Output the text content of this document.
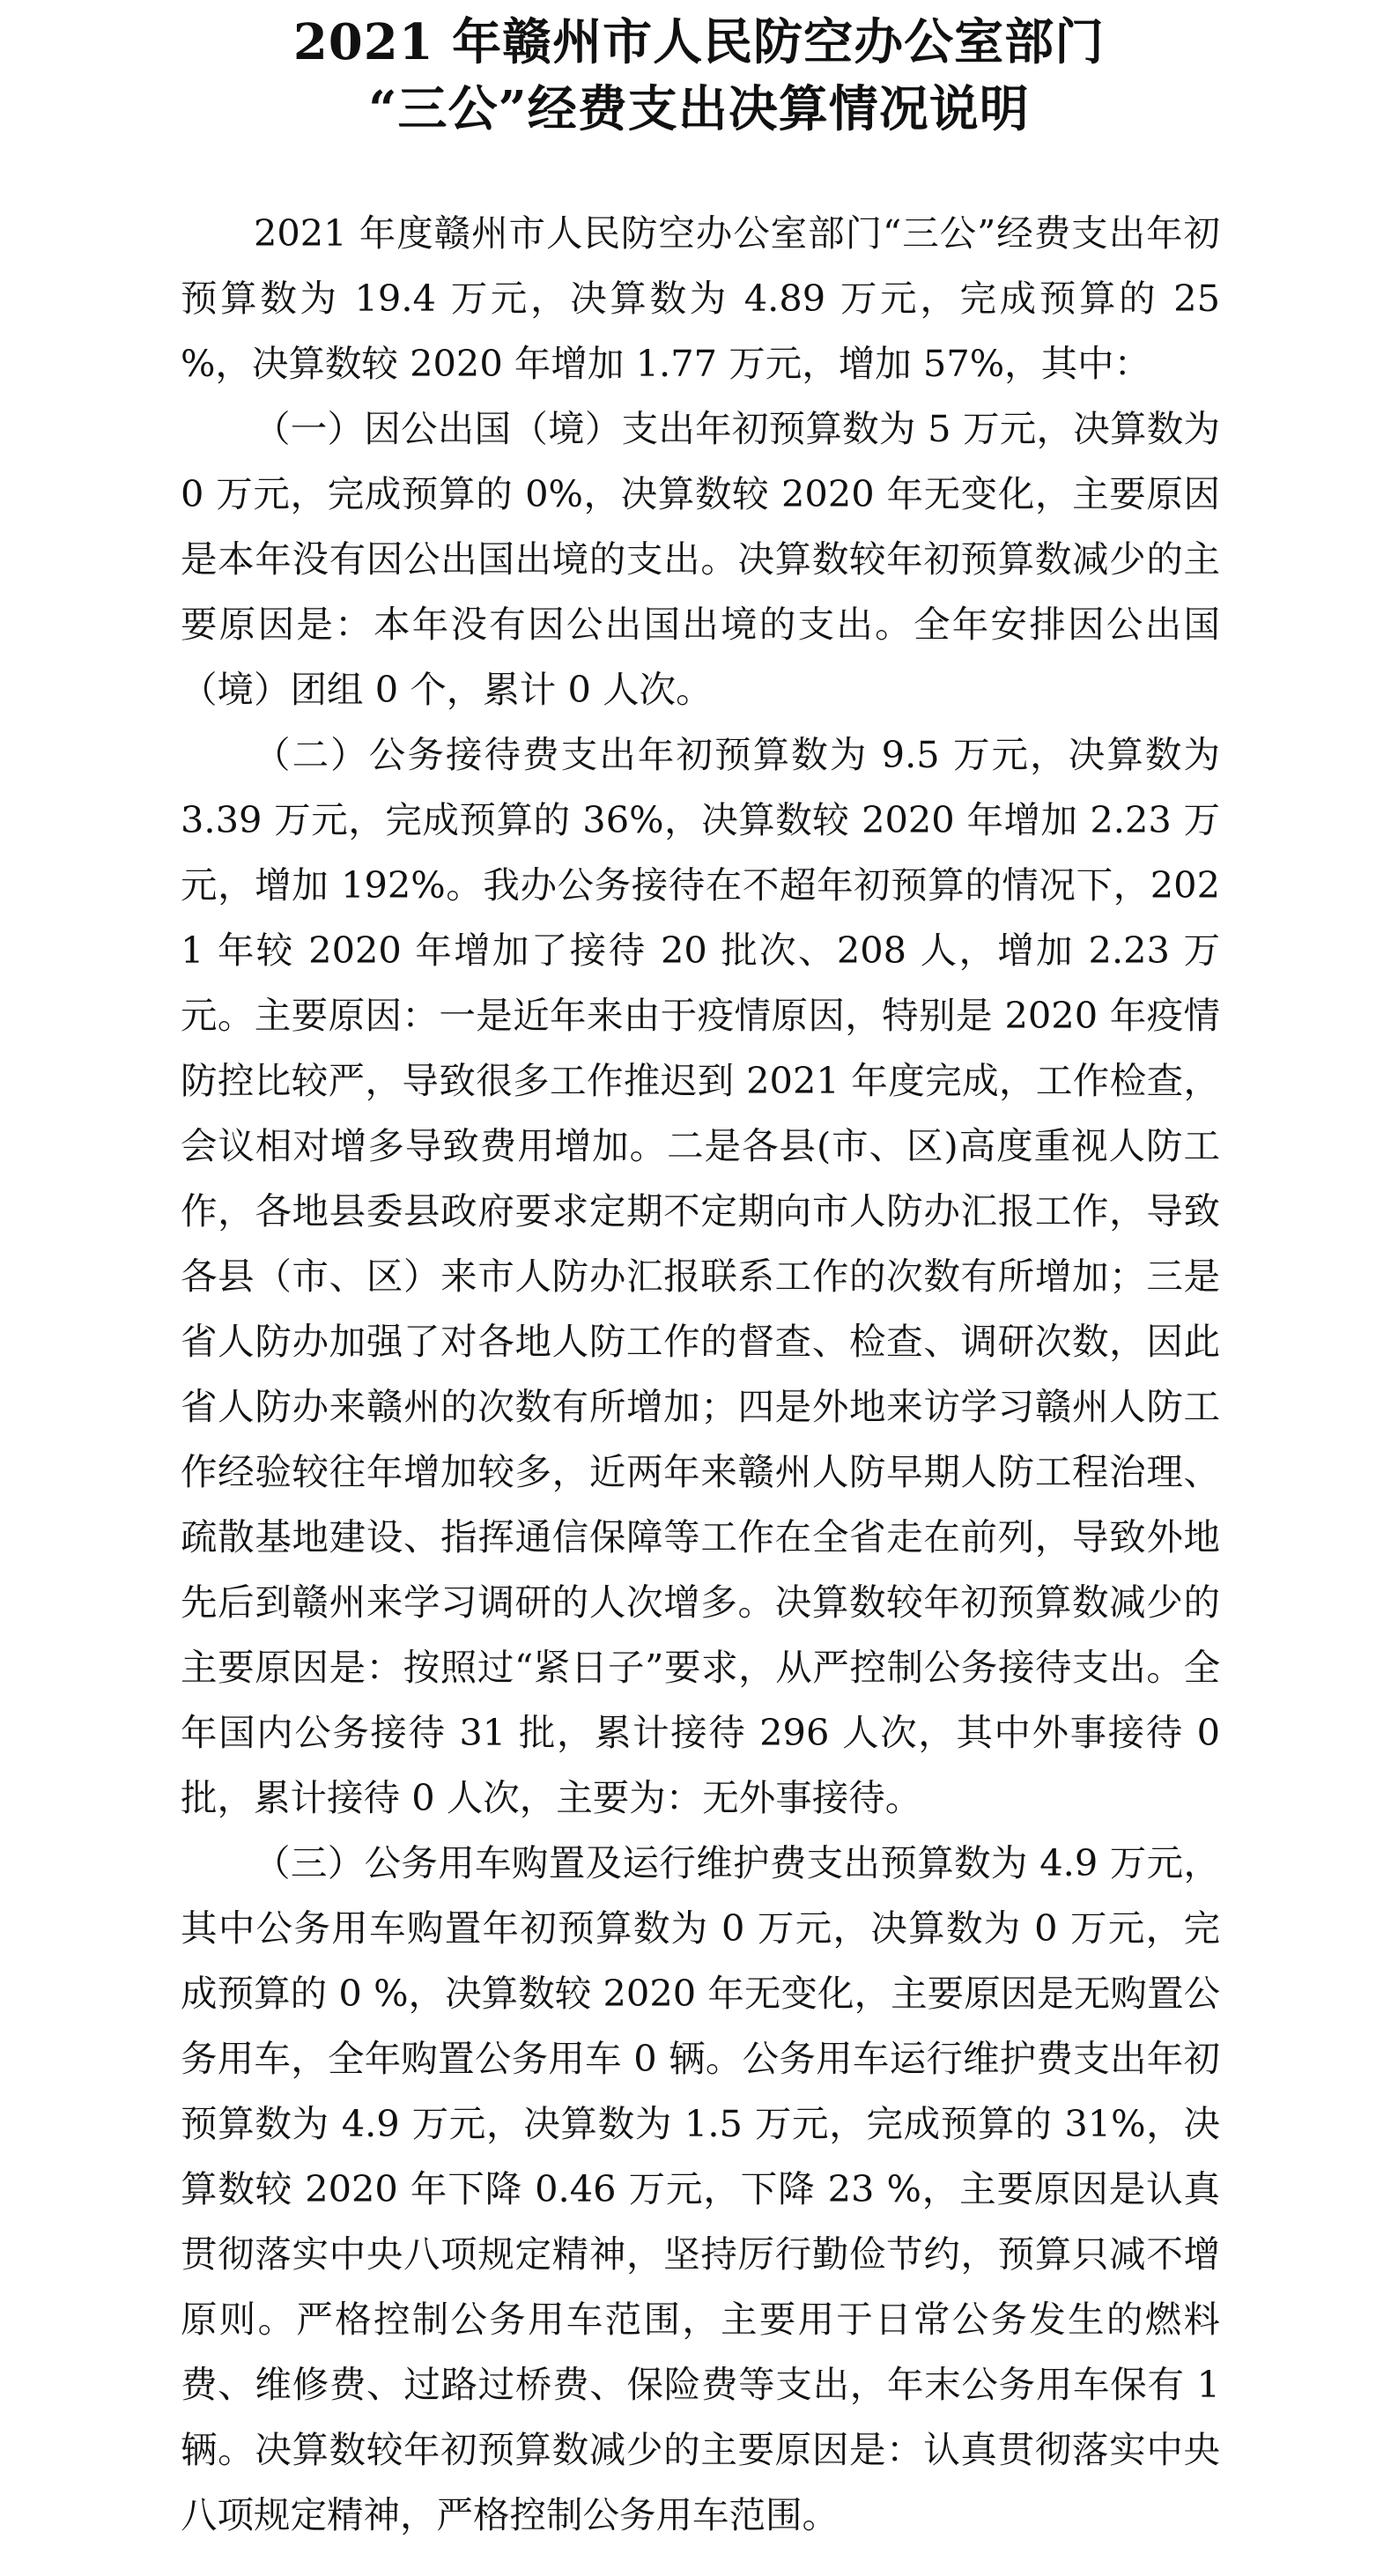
2021 年赣州市人民防空办公室部门
“三公”经费支出决算情况说明

2021 年度赣州市人民防空办公室部门“三公”经费支出年初预算数为 19.4 万元，决算数为 4.89 万元，完成预算的 25 %，决算数较 2020 年增加 1.77 万元，增加 57%，其中：

（一）因公出国（境）支出年初预算数为 5 万元，决算数为 0 万元，完成预算的 0%，决算数较 2020 年无变化，主要原因是本年没有因公出国出境的支出。决算数较年初预算数减少的主要原因是：本年没有因公出国出境的支出。全年安排因公出国（境）团组 0 个，累计 0 人次。

（二）公务接待费支出年初预算数为 9.5 万元，决算数为 3.39 万元，完成预算的 36%，决算数较 2020 年增加 2.23 万元，增加 192%。我办公务接待在不超年初预算的情况下，2021 年较 2020 年增加了接待 20 批次、208 人，增加 2.23 万元。主要原因：一是近年来由于疫情原因，特别是 2020 年疫情防控比较严，导致很多工作推迟到 2021 年度完成，工作检查，会议相对增多导致费用增加。二是各县(市、区)高度重视人防工作，各地县委县政府要求定期不定期向市人防办汇报工作，导致各县（市、区）来市人防办汇报联系工作的次数有所增加；三是省人防办加强了对各地人防工作的督查、检查、调研次数，因此省人防办来赣州的次数有所增加；四是外地来访学习赣州人防工作经验较往年增加较多，近两年来赣州人防早期人防工程治理、疏散基地建设、指挥通信保障等工作在全省走在前列，导致外地先后到赣州来学习调研的人次增多。决算数较年初预算数减少的主要原因是：按照过“紧日子”要求，从严控制公务接待支出。全年国内公务接待 31 批，累计接待 296 人次，其中外事接待 0 批，累计接待 0 人次，主要为：无外事接待。

（三）公务用车购置及运行维护费支出预算数为 4.9 万元，其中公务用车购置年初预算数为 0 万元，决算数为 0 万元，完成预算的 0 %，决算数较 2020 年无变化，主要原因是无购置公务用车，全年购置公务用车 0 辆。公务用车运行维护费支出年初预算数为 4.9 万元，决算数为 1.5 万元，完成预算的 31%，决算数较 2020 年下降 0.46 万元，下降 23 %，主要原因是认真贯彻落实中央八项规定精神，坚持厉行勤俭节约，预算只减不增原则。严格控制公务用车范围，主要用于日常公务发生的燃料费、维修费、过路过桥费、保险费等支出，年末公务用车保有 1 辆。决算数较年初预算数减少的主要原因是：认真贯彻落实中央八项规定精神，严格控制公务用车范围。
